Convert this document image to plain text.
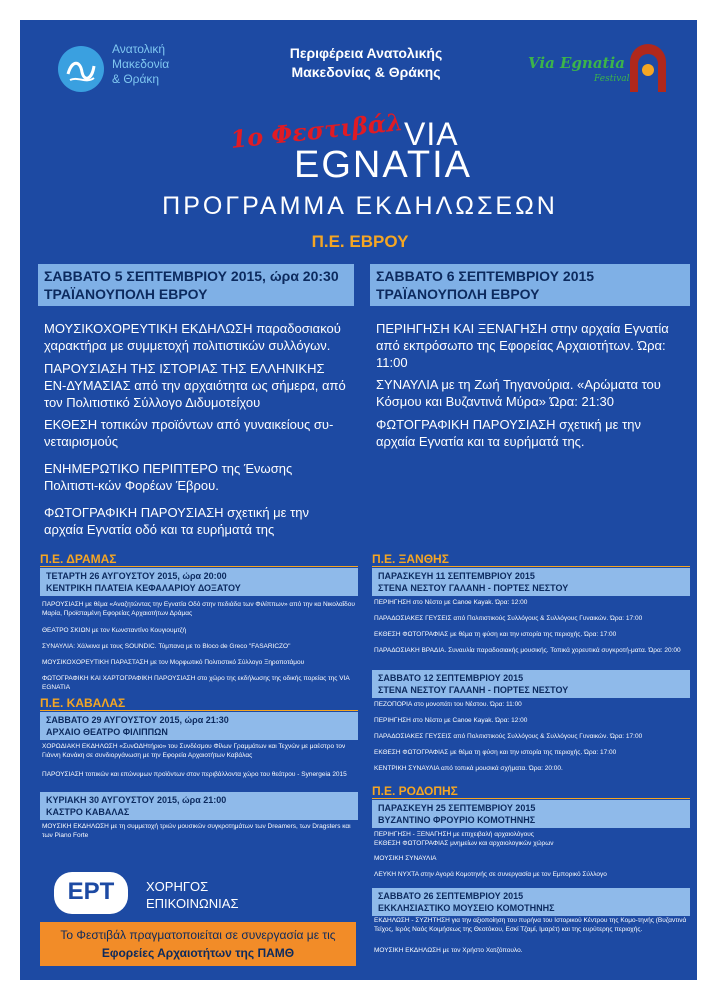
Ανατολική
Μακεδονία
& Θράκη
Περιφέρεια Ανατολικής
Μακεδονίας & Θράκης	Via Egnatia
Festival
1ο Φεστιβάλ VIA
EGNATIA
ΠΡΟΓΡΑΜΜΑ ΕΚΔΗΛΩΣΕΩΝ
Π.Ε. ΕΒΡΟΥ
ΣΑΒΒΑΤΟ 5 ΣΕΠΤΕΜΒΡΙΟΥ 2015, ώρα 20:30
ΤΡΑΪΑΝΟΥΠΟΛΗ ΕΒΡΟΥ
ΣΑΒΒΑΤΟ 6 ΣΕΠΤΕΜΒΡΙΟΥ 2015
ΤΡΑΪΑΝΟΥΠΟΛΗ ΕΒΡΟΥ
ΜΟΥΣΙΚΟΧΟΡΕΥΤΙΚΗ ΕΚΔΗΛΩΣΗ παραδοσιακού χαρακτήρα με συμμετοχή πολιτιστικών συλλόγων.
ΠΑΡΟΥΣΙΑΣΗ ΤΗΣ ΙΣΤΟΡΙΑΣ ΤΗΣ ΕΛΛΗΝΙΚΗΣ ΕΝ-ΔΥΜΑΣΙΑΣ από την αρχαιότητα ως σήμερα, από τον Πολιτιστικό Σύλλογο Διδυμοτείχου
ΕΚΘΕΣΗ τοπικών προϊόντων από γυναικείους συ-νεταιρισμούς
ΕΝΗΜΕΡΩΤΙΚΟ ΠΕΡΙΠΤΕΡΟ της Ένωσης Πολιτιστι-κών Φορέων Έβρου.
ΦΩΤΟΓΡΑΦΙΚΗ ΠΑΡΟΥΣΙΑΣΗ σχετική με την αρχαία Εγνατία οδό και τα ευρήματά της
ΠΕΡΙΗΓΗΣΗ ΚΑΙ ΞΕΝΑΓΗΣΗ στην αρχαία Εγνατία από εκπρόσωπο της Εφορείας Αρχαιοτήτων. Ώρα: 11:00
ΣΥΝΑΥΛΙΑ με τη Ζωή Τηγανούρια. «Αρώματα του Κόσμου και Βυζαντινά Μύρα» Ώρα: 21:30
ΦΩΤΟΓΡΑΦΙΚΗ ΠΑΡΟΥΣΙΑΣΗ σχετική με την αρχαία Εγνατία και τα ευρήματά της.
Π.Ε. ΔΡΑΜΑΣ
ΤΕΤΑΡΤΗ 26 ΑΥΓΟΥΣΤΟΥ 2015, ώρα 20:00
ΚΕΝΤΡΙΚΗ ΠΛΑΤΕΙΑ ΚΕΦΑΛΑΡΙΟΥ ΔΟΞΑΤΟΥ
ΠΑΡΟΥΣΙΑΣΗ με θέμα «Αναζητώντας την Εγνατία Οδό στην πεδιάδα των Φιλίππων» από την κα Νικολαΐδου Μαρία, Προϊσταμένη Εφορείας Αρχαιοτήτων Δράμας
ΘΕΑΤΡΟ ΣΚΙΩΝ με τον Κωνσταντίνο Κουγιουμτζή
ΣΥΝΑΥΛΙΑ: Χάλκινα με τους SOUNDIC. Τύμπανα με το Bloco de Greco "FASARICZO"
ΜΟΥΣΙΚΟΧΟΡΕΥΤΙΚΗ ΠΑΡΑΣΤΑΣΗ με τον Μορφωτικό Πολιτιστικό Σύλλογο Ξηροποτάμου
ΦΩΤΟΓΡΑΦΙΚΗ ΚΑΙ ΧΑΡΤΟΓΡΑΦΙΚΗ ΠΑΡΟΥΣΙΑΣΗ στο χώρο της εκδήλωσης της οδικής πορείας της VIA EGNATIA
Π.Ε. ΚΑΒΑΛΑΣ
ΣΑΒΒΑΤΟ 29 ΑΥΓΟΥΣΤΟΥ 2015, ώρα 21:30
ΑΡΧΑΙΟ ΘΕΑΤΡΟ ΦΙΛΙΠΠΩΝ
ΧΟΡΩΔΙΑΚΗ ΕΚΔΗΛΩΣΗ «ΣυνΩΔΗτήριο» του Συνδέσμου Φίλων Γραμμάτων και Τεχνών με μαέστρο τον Γιάννη Κανάκη σε συνδιοργάνωση με την Εφορεία Αρχαιοτήτων Καβάλας
ΠΑΡΟΥΣΙΑΣΗ τοπικών και επώνυμων προϊόντων στον περιβάλλοντα χώρο του θεάτρου - Synergeia 2015
ΚΥΡΙΑΚΗ 30 ΑΥΓΟΥΣΤΟΥ 2015, ώρα 21:00
ΚΑΣΤΡΟ ΚΑΒΑΛΑΣ
ΜΟΥΣΙΚΗ ΕΚΔΗΛΩΣΗ με τη συμμετοχή τριών μουσικών συγκροτημάτων των Dreamers, των Dragsters και των Piano Forte
ΕΡΤ	ΧΟΡΗΓΟΣ
ΕΠΙΚΟΙΝΩΝΙΑΣ
Το Φεστιβάλ πραγματοποιείται σε συνεργασία με τις
Εφορείες Αρχαιοτήτων της ΠΑΜΘ
Π.Ε. ΞΑΝΘΗΣ
ΠΑΡΑΣΚΕΥΗ 11 ΣΕΠΤΕΜΒΡΙΟΥ 2015
ΣΤΕΝΑ ΝΕΣΤΟΥ ΓΑΛΑΝΗ - ΠΟΡΤΕΣ ΝΕΣΤΟΥ
ΠΕΡΙΗΓΗΣΗ στο Νέστο με Canoe Kayak. Ώρα: 12:00
ΠΑΡΑΔΟΣΙΑΚΕΣ ΓΕΥΣΕΙΣ από Πολιτιστικούς Συλλόγους & Συλλόγους Γυναικών. Ώρα: 17:00
ΕΚΘΕΣΗ ΦΩΤΟΓΡΑΦΙΑΣ με θέμα τη φύση και την ιστορία της περιοχής. Ώρα: 17:00
ΠΑΡΑΔΟΣΙΑΚΗ ΒΡΑΔΙΑ. Συναυλία παραδοσιακής μουσικής. Τοπικά χορευτικά συγκροτή-ματα. Ώρα: 20:00
ΣΑΒΒΑΤΟ 12 ΣΕΠΤΕΜΒΡΙΟΥ 2015
ΣΤΕΝΑ ΝΕΣΤΟΥ ΓΑΛΑΝΗ - ΠΟΡΤΕΣ ΝΕΣΤΟΥ
ΠΕΖΟΠΟΡΙΑ στο μονοπάτι του Νέστου. Ώρα: 11:00
ΠΕΡΙΗΓΗΣΗ στο Νέστο με Canoe Kayak. Ώρα: 12:00
ΠΑΡΑΔΟΣΙΑΚΕΣ ΓΕΥΣΕΙΣ από Πολιτιστικούς Συλλόγους & Συλλόγους Γυναικών. Ώρα: 17:00
ΕΚΘΕΣΗ ΦΩΤΟΓΡΑΦΙΑΣ με θέμα τη φύση και την ιστορία της περιοχής. Ώρα: 17:00
ΚΕΝΤΡΙΚΗ ΣΥΝΑΥΛΙΑ από τοπικά μουσικά σχήματα. Ώρα: 20:00.
Π.Ε. ΡΟΔΟΠΗΣ
ΠΑΡΑΣΚΕΥΗ 25 ΣΕΠΤΕΜΒΡΙΟΥ 2015
ΒΥΖΑΝΤΙΝΟ ΦΡΟΥΡΙΟ ΚΟΜΟΤΗΝΗΣ
ΠΕΡΙΗΓΗΣΗ - ΞΕΝΑΓΗΣΗ με επιχειβαλή αρχαιολόγους
ΕΚΘΕΣΗ ΦΩΤΟΓΡΑΦΙΑΣ μνημείων και αρχαιολογικών χώρων
ΜΟΥΣΙΚΗ ΣΥΝΑΥΛΙΑ
ΛΕΥΚΗ ΝΥΧΤΑ στην Αγορά Κομοτηνής σε συνεργασία με τον Εμπορικό Σύλλογο
ΣΑΒΒΑΤΟ 26 ΣΕΠΤΕΜΒΡΙΟΥ 2015
ΕΚΚΛΗΣΙΑΣΤΙΚΟ ΜΟΥΣΕΙΟ ΚΟΜΟΤΗΝΗΣ
ΕΚΔΗΛΩΣΗ - ΣΥΖΗΤΗΣΗ για την αξιοποίηση του πυρήνα του Ιστορικού Κέντρου της Κομο-τηνής (Βυζαντινά Τείχος, Ιερός Ναός Κοιμήσεως της Θεοτόκου, Εσκί Τζαμί, Ιμαρέτ) και της ευρύτερης περιοχής.
ΜΟΥΣΙΚΗ ΕΚΔΗΛΩΣΗ με τον Χρήστο Χατζόπουλο.
